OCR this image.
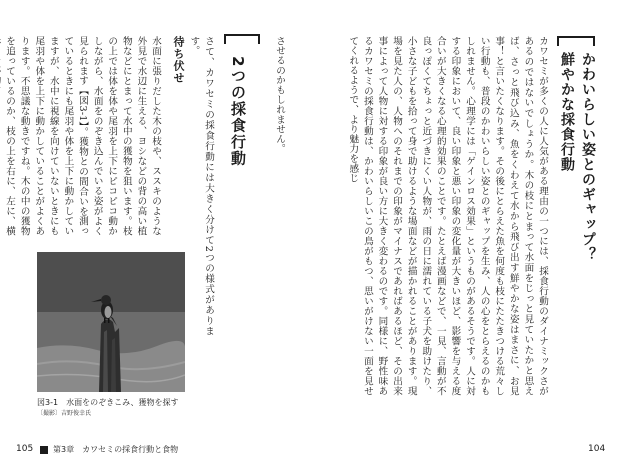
かわいらしい姿とのギャップ？
鮮やかな採食行動
カワセミが多くの人に人気がある理由の一つには、採食行動のダイナミックさがあるのではないでしょうか。木の枝にとまって水面をじっと見ていたかと思えば、さっと飛び込み、魚をくわえて水から飛び出す鮮やかな姿はまさに、お見事！と言いたくなります。その後にとらえた魚を何度も枝にたたきつける荒々しい行動も、普段のかわいらしい姿とのギャップを生み、人の心をとらえるのかもしれません。心理学には「ゲインロス効果」というものがあるそうです。人に対する印象において、良い印象と悪い印象の変化量が大きいほど、影響を与える度合いが大きくなる心理的効果のことです。たとえば漫画などで、一見、言動が不良っぽくてちょっと近づきにくい人物が、雨の日に濡れている子犬を助けたり、小さな子どもを拾って身で助けるような場面などが描かれることがあります。現場を見た人の、人物へのそれまでの印象がマイナスであればあるほど、その出来事によって人物に対する印象が良い方に大きく変わるのです。同様に、野性味あるカワセミの採食行動は、かわいらしいこの鳥がもつ、思いがけない一面を見せてくれるようで、より魅力を感じ
104
させるのかもしれません。
2つの採食行動
さて、カワセミの採食行動には大きく分けて2つの様式があります。
待ち伏せ
水面に張りだした木の枝や、ススキのような外見で水辺に生える、ヨシなどの背の高い植物などにとまって水中の獲物を狙います。枝の上では体を体や尾羽を上下にピコピコ動かしながら、水面をのぞき込んでいる姿がよく見られます【図3-1】。獲物との間合いを測っているときにも尾羽や体を上下に動かしていますが、水中に視線を向けていないときにも尾羽や体を上下に動かしていることがよくあります。不思議な動きですね。木の中の獲物を追っているのか、枝の上を右に、左に、横
図3-1　水面をのぞきこみ、獲物を探す
〔撮影〕吉野俊幸氏
105 第3章　カワセミの採食行動と食物
